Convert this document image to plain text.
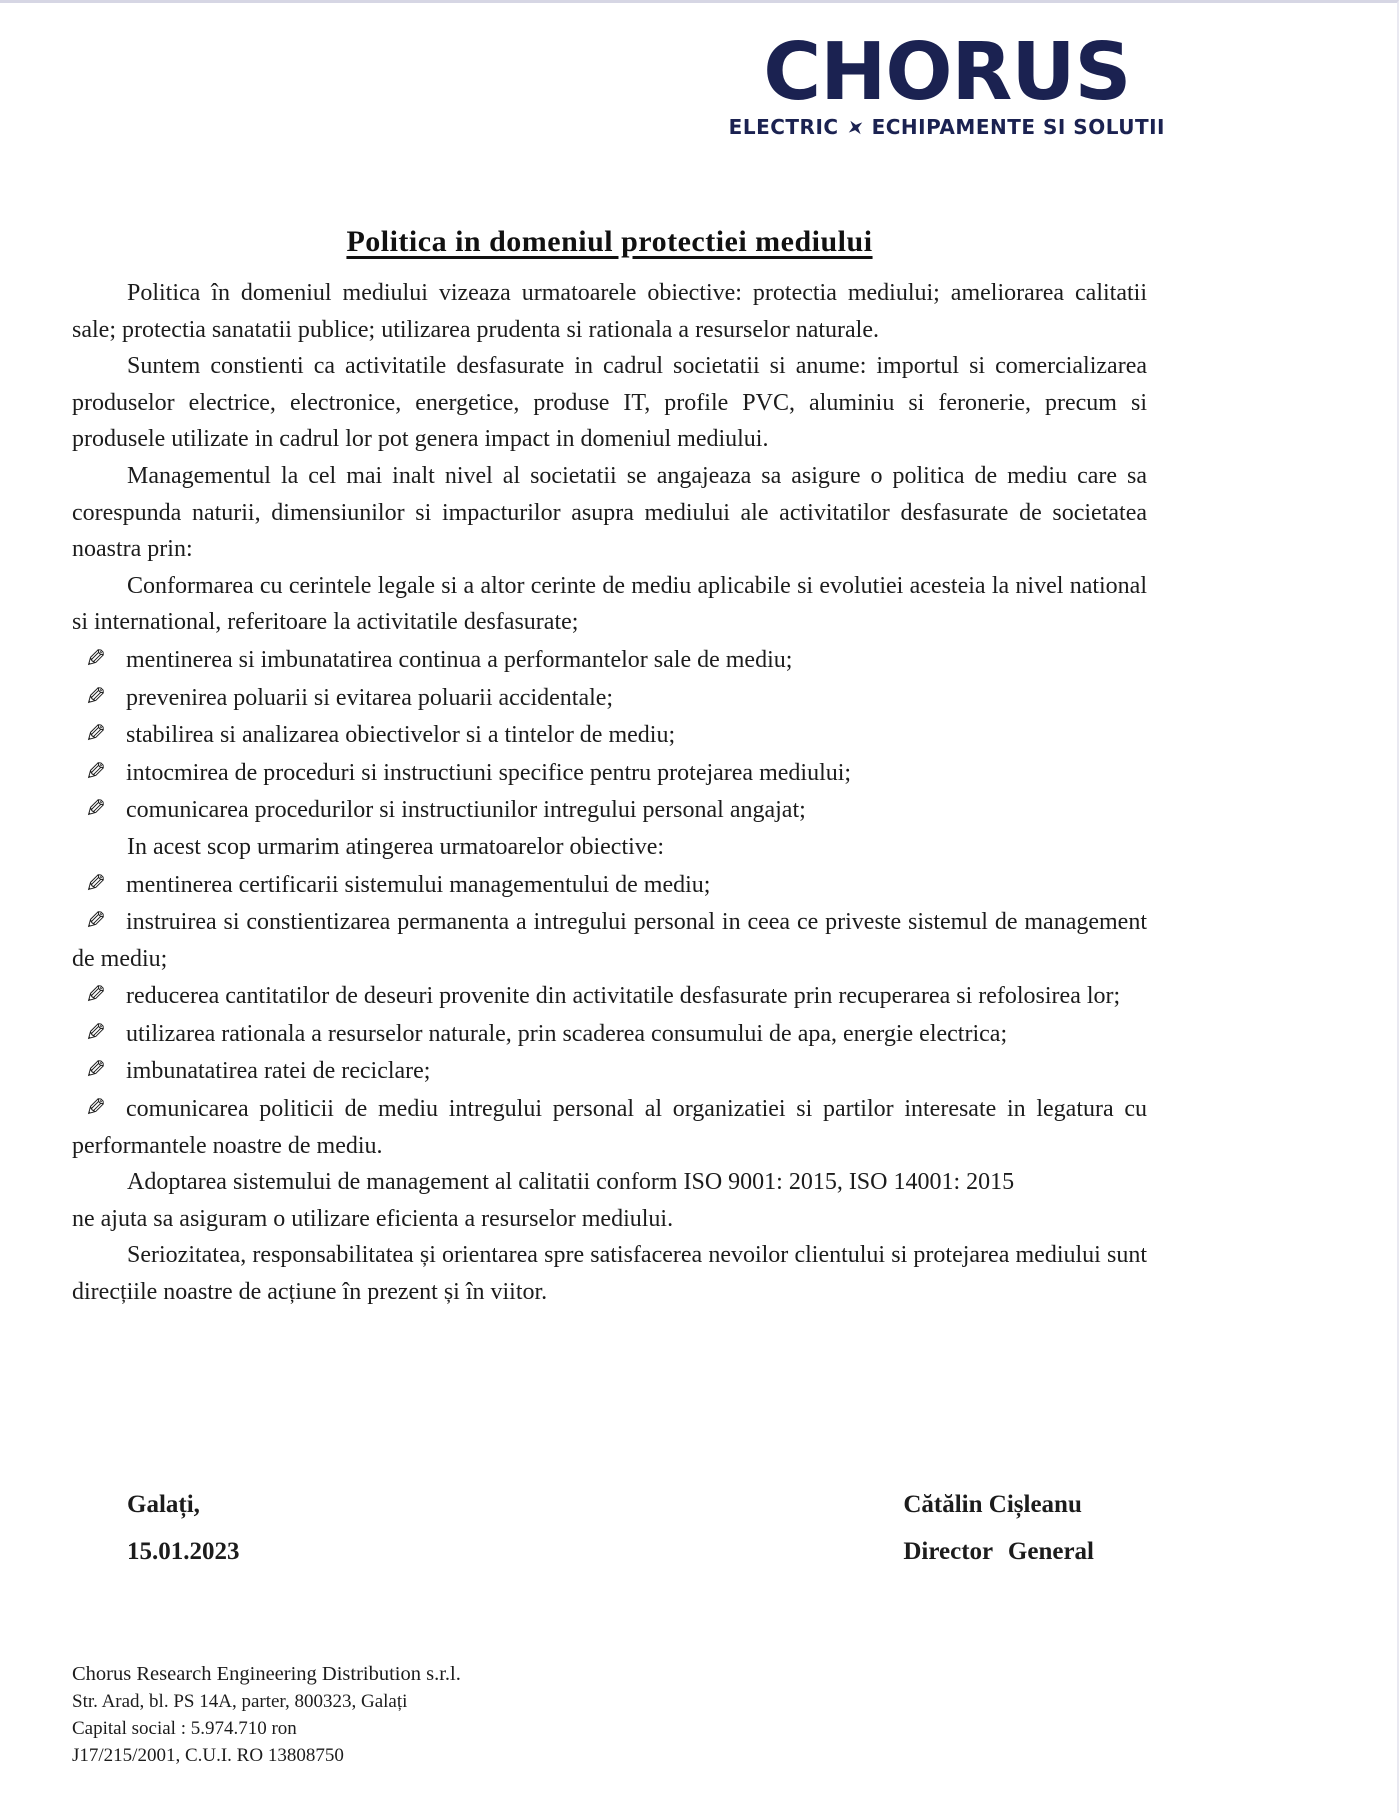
CHORUS
ELECTRIC ECHIPAMENTE SI SOLUTII
Politica in domeniul protectiei mediului

Politica în domeniul mediului vizeaza urmatoarele obiective: protectia mediului; ameliorarea calitatii sale; protectia sanatatii publice; utilizarea prudenta si rationala a resurselor naturale.

Suntem constienti ca activitatile desfasurate in cadrul societatii si anume: importul si comercializarea produselor electrice, electronice, energetice, produse IT, profile PVC, aluminiu si feronerie, precum si produsele utilizate in cadrul lor pot genera impact in domeniul mediului.

Managementul la cel mai inalt nivel al societatii se angajeaza sa asigure o politica de mediu care sa corespunda naturii, dimensiunilor si impacturilor asupra mediului ale activitatilor desfasurate de societatea noastra prin:

Conformarea cu cerintele legale si a altor cerinte de mediu aplicabile si evolutiei acesteia la nivel national si international, referitoare la activitatile desfasurate;

✎ mentinerea si imbunatatirea continua a performantelor sale de mediu;

✎ prevenirea poluarii si evitarea poluarii accidentale;

✎ stabilirea si analizarea obiectivelor si a tintelor de mediu;

✎ intocmirea de proceduri si instructiuni specifice pentru protejarea mediului;

✎ comunicarea procedurilor si instructiunilor intregului personal angajat;

In acest scop urmarim atingerea urmatoarelor obiective:

✎ mentinerea certificarii sistemului managementului de mediu;

✎ instruirea si constientizarea permanenta a intregului personal in ceea ce priveste sistemul de management de mediu;

✎ reducerea cantitatilor de deseuri provenite din activitatile desfasurate prin recuperarea si refolosirea lor;

✎ utilizarea rationala a resurselor naturale, prin scaderea consumului de apa, energie electrica;

✎ imbunatatirea ratei de reciclare;

✎ comunicarea politicii de mediu intregului personal al organizatiei si partilor interesate in legatura cu performantele noastre de mediu.

Adoptarea sistemului de management al calitatii conform ISO 9001: 2015, ISO 14001: 2015
ne ajuta sa asiguram o utilizare eficienta a resurselor mediului.

Seriozitatea, responsabilitatea și orientarea spre satisfacerea nevoilor clientului si protejarea mediului sunt direcțiile noastre de acțiune în prezent și în viitor.

Galați,
15.01.2023
Cătălin Cișleanu
Director General
Chorus Research Engineering Distribution s.r.l.
Str. Arad, bl. PS 14A, parter, 800323, Galați
Capital social : 5.974.710 ron
J17/215/2001, C.U.I. RO 13808750
